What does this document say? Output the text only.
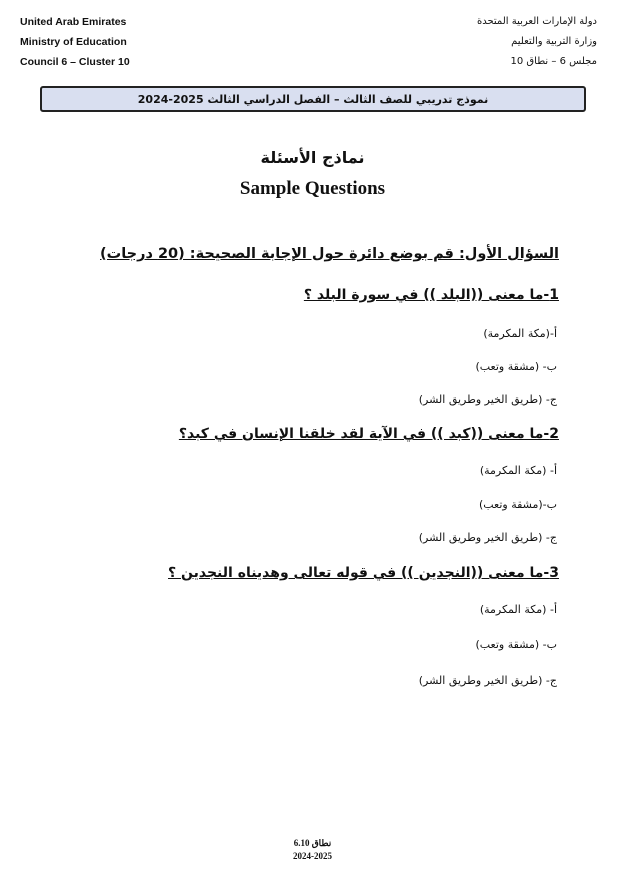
United Arab Emirates
Ministry of Education
Council 6 – Cluster 10
دولة الإمارات العربية المتحدة
وزارة التربية والتعليم
مجلس 6 – نطاق 10
نموذج تدريبي للصف الثالث – الفصل الدراسي الثالث 2025-2024
نماذج الأسئلة
Sample Questions
السؤال الأول: قم بوضع دائرة حول الإجابة الصحيحة: (20 درجات)
1-ما معنى ((البلد )) في سورة البلد ؟
أ-(مكة المكرمة)
ب- (مشقة وتعب)
ج- (طريق الخير وطريق الشر)
2-ما معنى ((كبد )) في الآية لقد خلقنا الإنسان في كبد؟
أ- (مكة المكرمة)
ب-(مشقة وتعب)
ج- (طريق الخير وطريق الشر)
3-ما معنى ((النجدين )) في قوله تعالى وهديناه النجدين ؟
أ- (مكة المكرمة)
ب- (مشقة وتعب)
ج- (طريق الخير وطريق الشر)
نطاق 6.10
2024-2025
